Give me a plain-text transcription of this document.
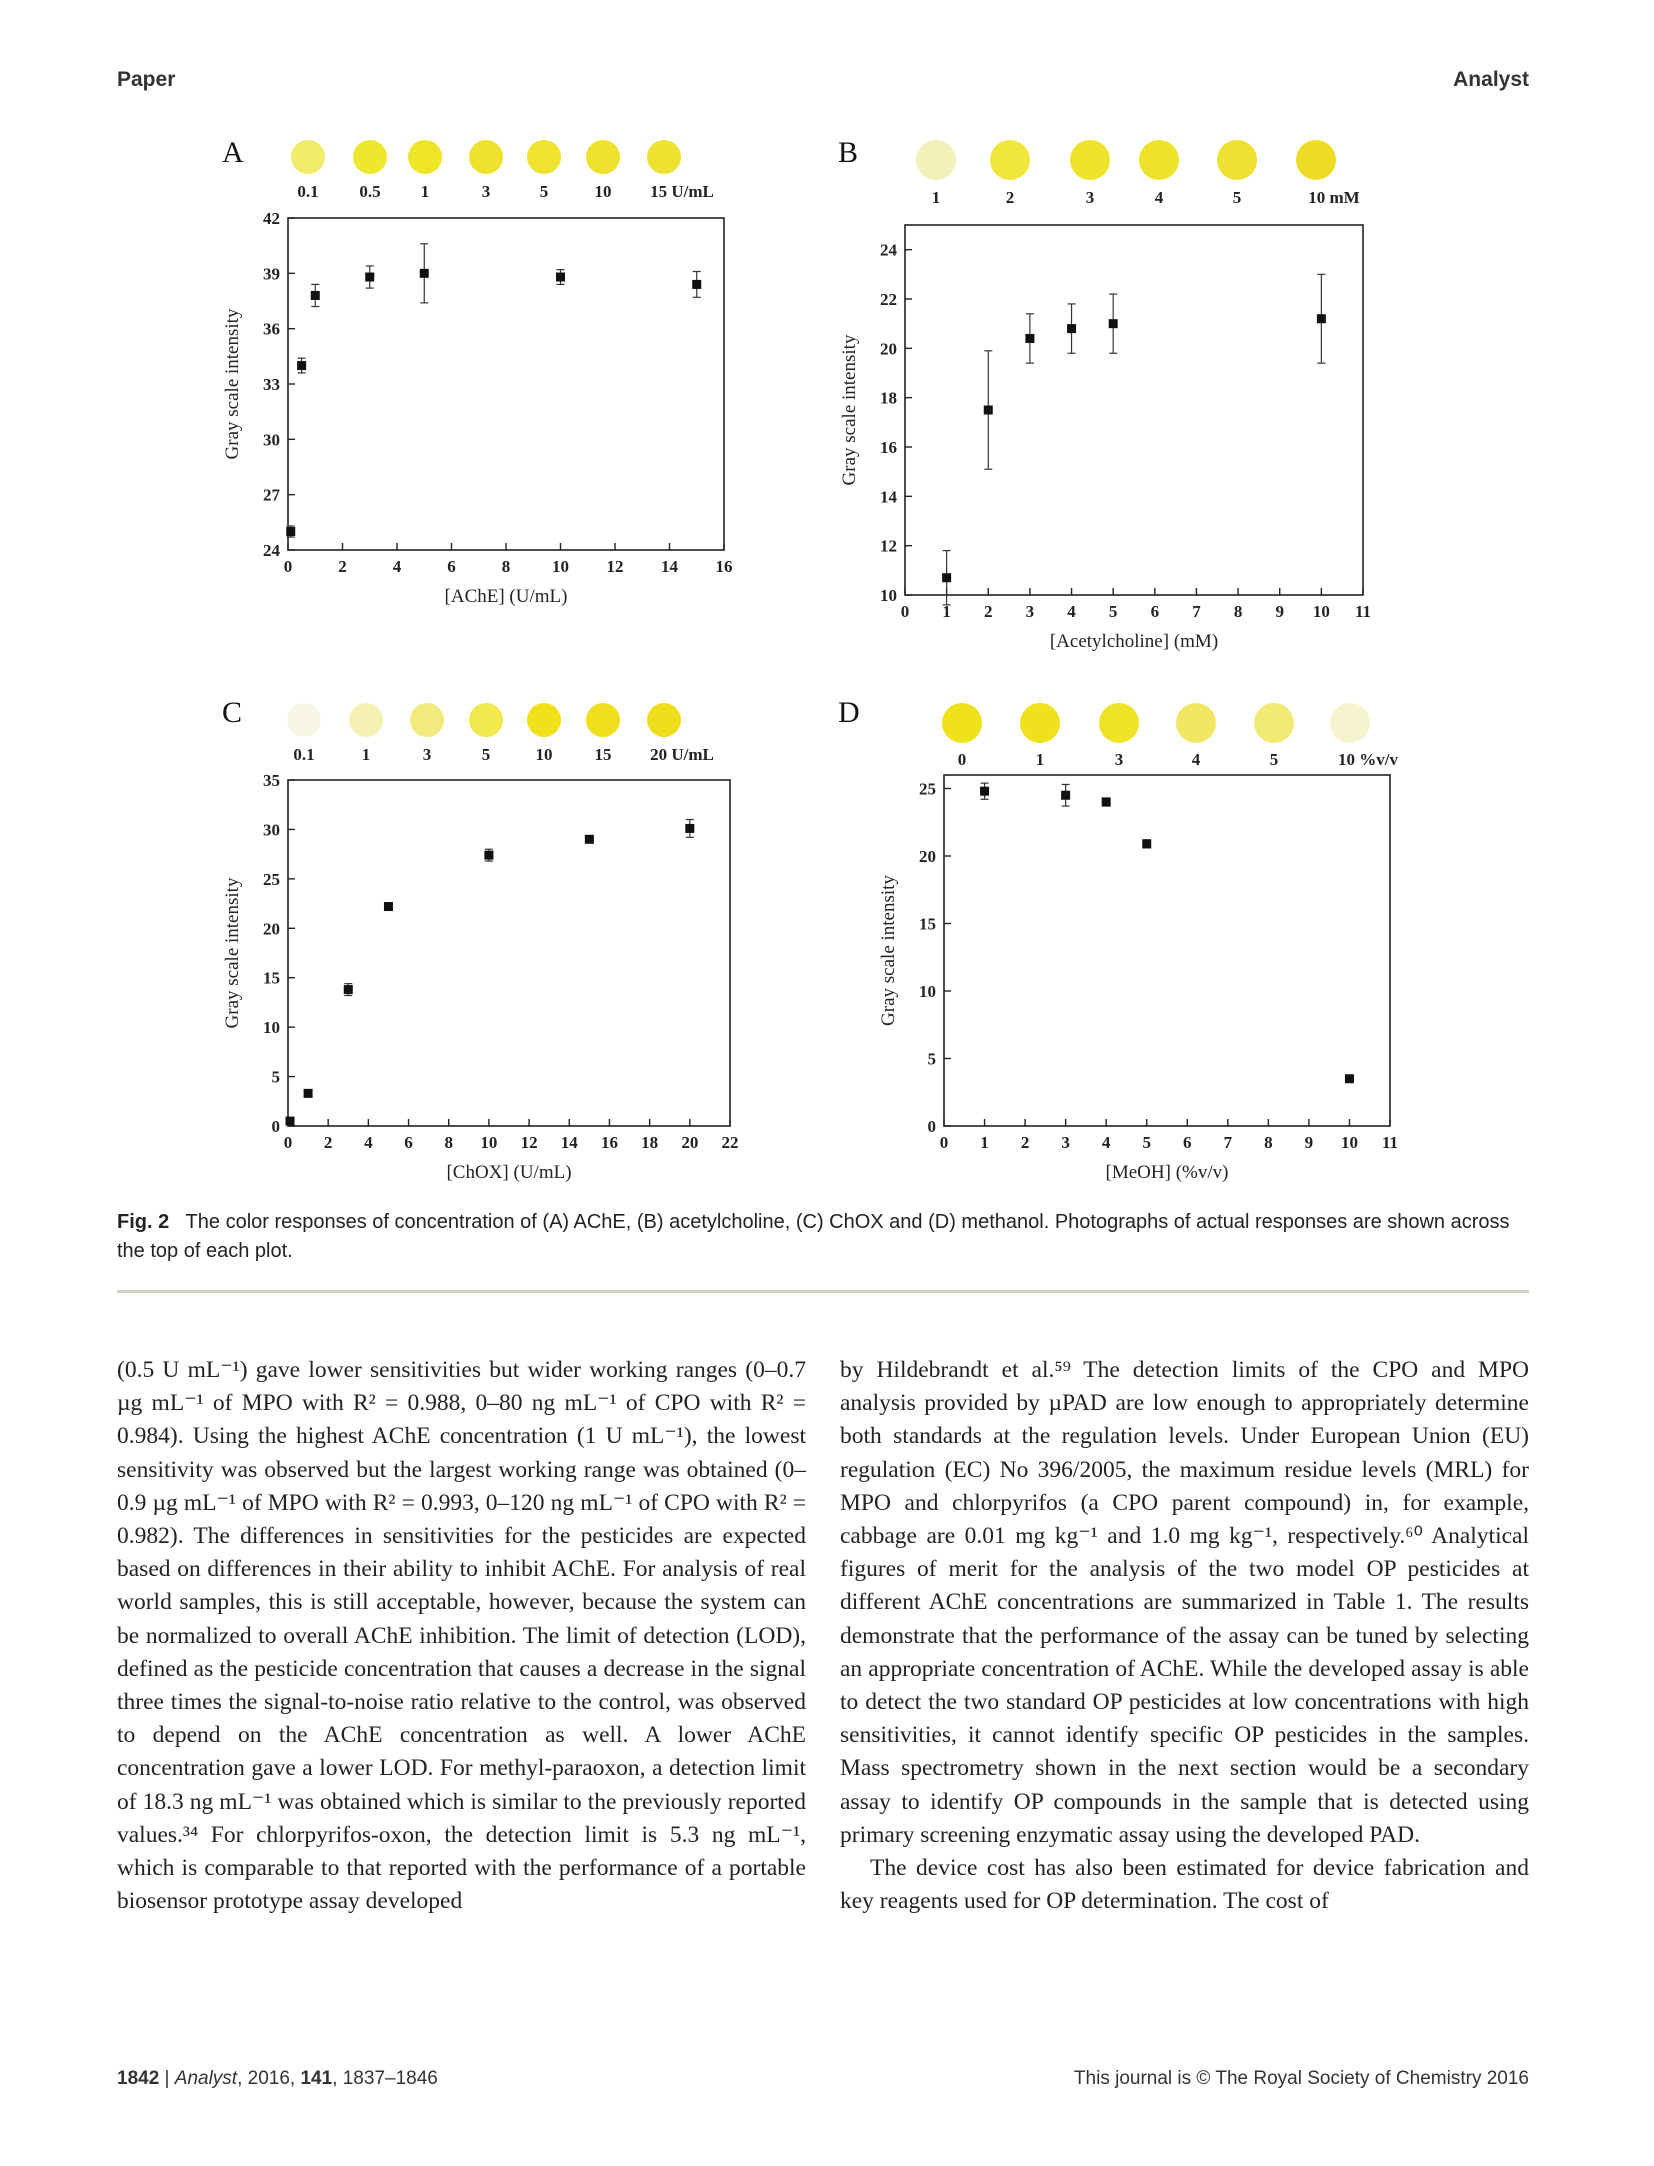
Paper	Analyst
A
0.1 0.5 1	3	5	10 15 U/mL
0	2	4	6	8 10 12 14 16
24
27
30
33
36
39
42
[AChE] (U/mL)
Gray scale intensity
B
1	2	3	4	5	10 mM
0 1 2 3 4 5 6 7 8 9 10 11
10
12
14
16
18
20
22
24
[Acetylcholine] (mM)
Gray scale intensity
C
0.1	1	3	5	10 15 20 U/mL
0 2 4 6 8 10 12 14 16 18 20 22
0
5
10
15
20
25
30
35
[ChOX] (U/mL)
Gray scale intensity
D
0	1	3	4	5	10 %v/v
0 1 2 3 4 5 6 7 8 9 10 11
0
5
10
15
20
25
[MeOH] (%v/v)
Gray scale intensity
Fig. 2 The color responses of concentration of (A) AChE, (B) acetylcholine, (C) ChOX and (D) methanol. Photographs of actual responses are shown across the top of each plot.

(0.5 U mL⁻¹) gave lower sensitivities but wider working ranges (0–0.7 µg mL⁻¹ of MPO with R² = 0.988, 0–80 ng mL⁻¹ of CPO with R² = 0.984). Using the highest AChE concentration (1 U mL⁻¹), the lowest sensitivity was observed but the largest working range was obtained (0–0.9 µg mL⁻¹ of MPO with R² = 0.993, 0–120 ng mL⁻¹ of CPO with R² = 0.982). The differences in sensitivities for the pesticides are expected based on differences in their ability to inhibit AChE. For analysis of real world samples, this is still acceptable, however, because the system can be normalized to overall AChE inhibition. The limit of detection (LOD), defined as the pesticide concentration that causes a decrease in the signal three times the signal-to-noise ratio relative to the control, was observed to depend on the AChE concentration as well. A lower AChE concentration gave a lower LOD. For methyl-paraoxon, a detection limit of 18.3 ng mL⁻¹ was obtained which is similar to the previously reported values.³⁴ For chlorpyrifos-oxon, the detection limit is 5.3 ng mL⁻¹, which is comparable to that reported with the performance of a portable biosensor prototype assay developed

by Hildebrandt et al.⁵⁹ The detection limits of the CPO and MPO analysis provided by µPAD are low enough to appropriately determine both standards at the regulation levels. Under European Union (EU) regulation (EC) No 396/2005, the maximum residue levels (MRL) for MPO and chlorpyrifos (a CPO parent compound) in, for example, cabbage are 0.01 mg kg⁻¹ and 1.0 mg kg⁻¹, respectively.⁶⁰ Analytical figures of merit for the analysis of the two model OP pesticides at different AChE concentrations are summarized in Table 1. The results demonstrate that the performance of the assay can be tuned by selecting an appropriate concentration of AChE. While the developed assay is able to detect the two standard OP pesticides at low concentrations with high sensitivities, it cannot identify specific OP pesticides in the samples. Mass spectrometry shown in the next section would be a secondary assay to identify OP compounds in the sample that is detected using primary screening enzymatic assay using the developed PAD.

The device cost has also been estimated for device fabrication and key reagents used for OP determination. The cost of

1842 | Analyst, 2016, 141, 1837–1846	This journal is © The Royal Society of Chemistry 2016
